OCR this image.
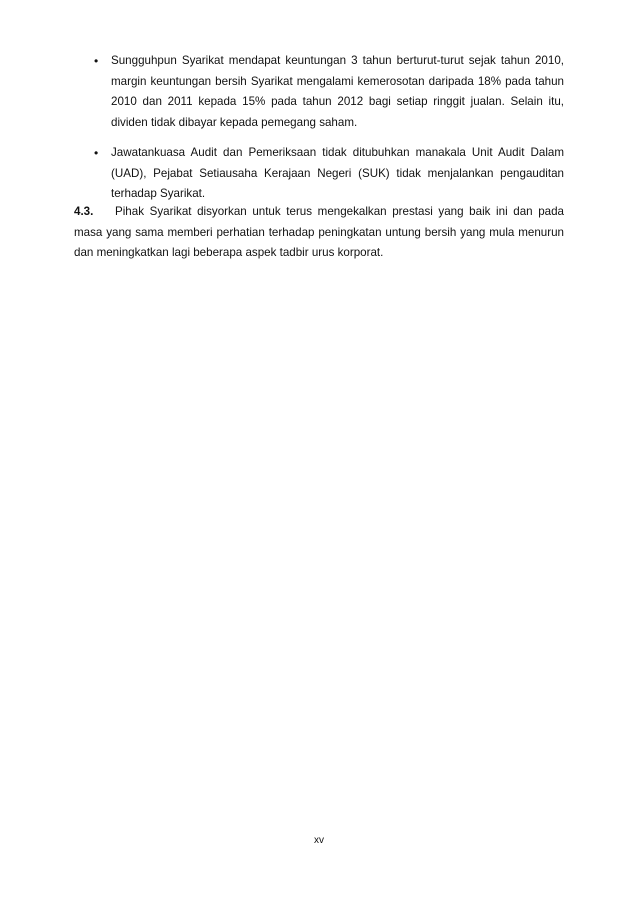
• Sungguhpun Syarikat mendapat keuntungan 3 tahun berturut-turut sejak tahun 2010, margin keuntungan bersih Syarikat mengalami kemerosotan daripada 18% pada tahun 2010 dan 2011 kepada 15% pada tahun 2012 bagi setiap ringgit jualan. Selain itu, dividen tidak dibayar kepada pemegang saham.
• Jawatankuasa Audit dan Pemeriksaan tidak ditubuhkan manakala Unit Audit Dalam (UAD), Pejabat Setiausaha Kerajaan Negeri (SUK) tidak menjalankan pengauditan terhadap Syarikat.

4.3. Pihak Syarikat disyorkan untuk terus mengekalkan prestasi yang baik ini dan pada masa yang sama memberi perhatian terhadap peningkatan untung bersih yang mula menurun dan meningkatkan lagi beberapa aspek tadbir urus korporat.

xv
